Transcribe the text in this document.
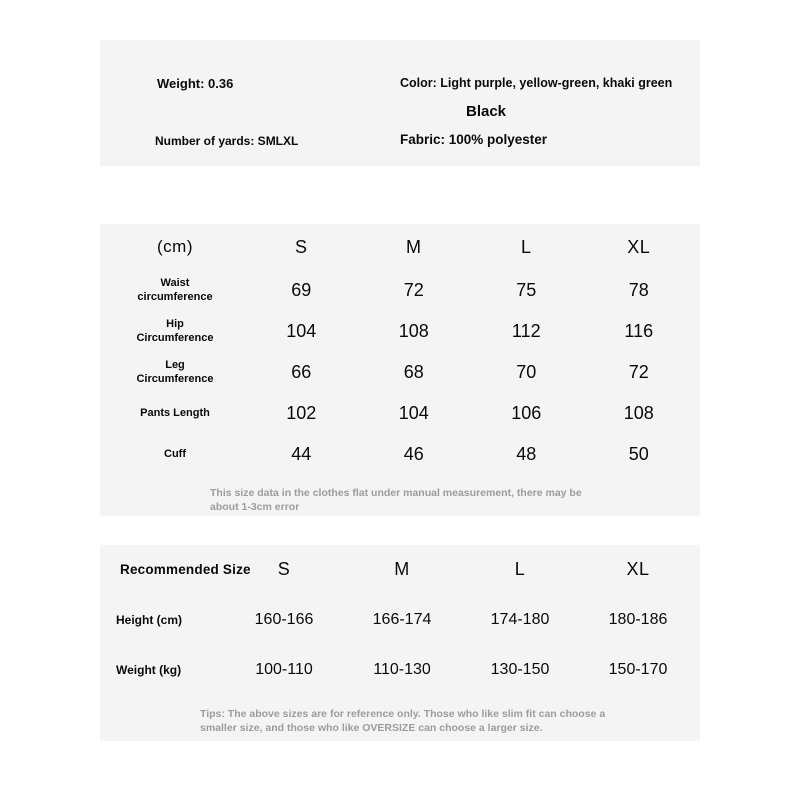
Weight: 0.36
Number of yards: SMLXL
Color: Light purple, yellow-green, khaki green
Black
Fabric: 100% polyester
(cm)	S	M	L	XL
Waist circumference	69	72	75	78
Hip Circumference	104	108	112	116
Leg Circumference	66	68	70	72
Pants Length	102	104	106	108
Cuff	44	46	48	50

This size data in the clothes flat under manual measurement, there may be about 1-3cm error

Recommended Size	S	M	L	XL
Height (cm)	160-166	166-174	174-180	180-186
Weight (kg)	100-110	110-130	130-150	150-170

Tips: The above sizes are for reference only. Those who like slim fit can choose a smaller size, and those who like OVERSIZE can choose a larger size.
